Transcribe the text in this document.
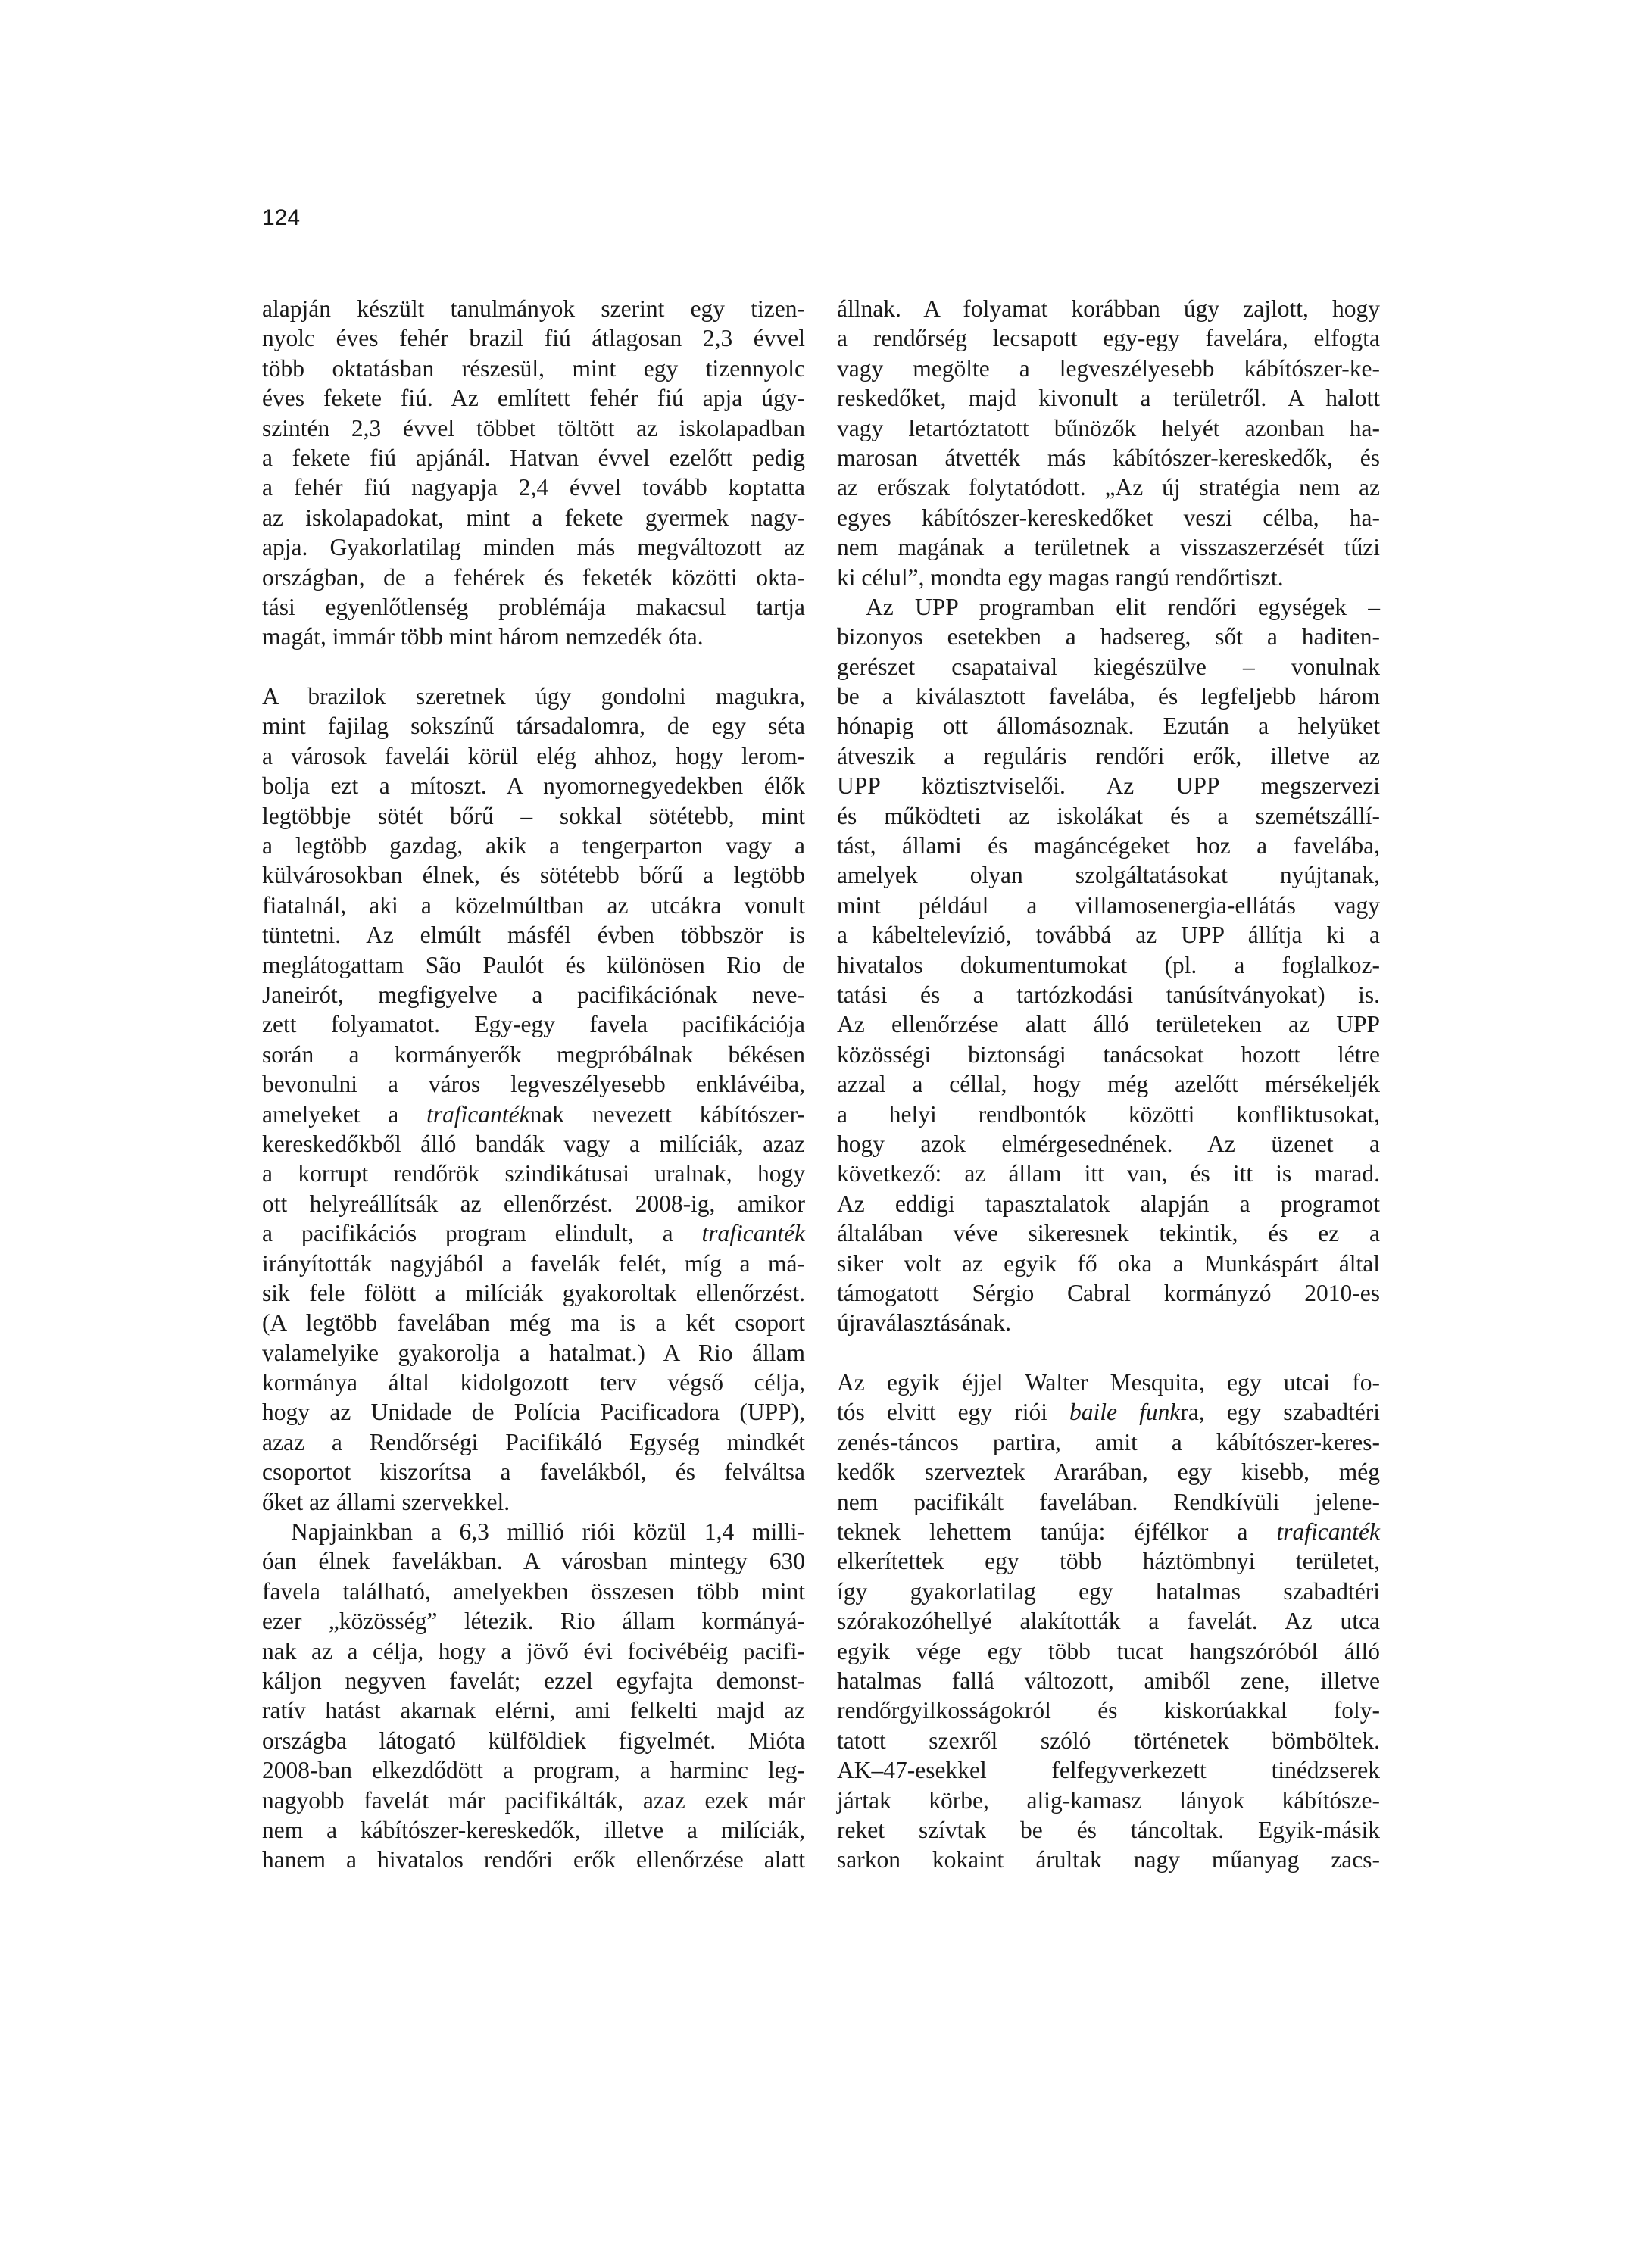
124
alapján készült tanulmányok szerint egy tizen-
nyolc éves fehér brazil fiú átlagosan 2,3 évvel
több oktatásban részesül, mint egy tizennyolc
éves fekete fiú. Az említett fehér fiú apja úgy-
szintén 2,3 évvel többet töltött az iskolapadban
a fekete fiú apjánál. Hatvan évvel ezelőtt pedig
a fehér fiú nagyapja 2,4 évvel tovább koptatta
az iskolapadokat, mint a fekete gyermek nagy-
apja. Gyakorlatilag minden más megváltozott az
országban, de a fehérek és feketék közötti okta-
tási egyenlőtlenség problémája makacsul tartja
magát, immár több mint három nemzedék óta.
A brazilok szeretnek úgy gondolni magukra,
mint fajilag sokszínű társadalomra, de egy séta
a városok favelái körül elég ahhoz, hogy lerom-
bolja ezt a mítoszt. A nyomornegyedekben élők
legtöbbje sötét bőrű – sokkal sötétebb, mint
a legtöbb gazdag, akik a tengerparton vagy a
külvárosokban élnek, és sötétebb bőrű a legtöbb
fiatalnál, aki a közelmúltban az utcákra vonult
tüntetni. Az elmúlt másfél évben többször is
meglátogattam São Paulót és különösen Rio de
Janeirót, megfigyelve a pacifikációnak neve-
zett folyamatot. Egy-egy favela pacifikációja
során a kormányerők megpróbálnak békésen
bevonulni a város legveszélyesebb enklávéiba,
amelyeket a traficantéknak nevezett kábítószer-
kereskedőkből álló bandák vagy a milíciák, azaz
a korrupt rendőrök szindikátusai uralnak, hogy
ott helyreállítsák az ellenőrzést. 2008-ig, amikor
a pacifikációs program elindult, a traficanték
irányították nagyjából a favelák felét, míg a má-
sik fele fölött a milíciák gyakoroltak ellenőrzést.
(A legtöbb favelában még ma is a két csoport
valamelyike gyakorolja a hatalmat.) A Rio állam
kormánya által kidolgozott terv végső célja,
hogy az Unidade de Polícia Pacificadora (UPP),
azaz a Rendőrségi Pacifikáló Egység mindkét
csoportot kiszorítsa a favelákból, és felváltsa
őket az állami szervekkel.
Napjainkban a 6,3 millió riói közül 1,4 milli-
óan élnek favelákban. A városban mintegy 630
favela található, amelyekben összesen több mint
ezer „közösség” létezik. Rio állam kormányá-
nak az a célja, hogy a jövő évi focivébéig pacifi-
káljon negyven favelát; ezzel egyfajta demonst-
ratív hatást akarnak elérni, ami felkelti majd az
országba látogató külföldiek figyelmét. Mióta
2008-ban elkezdődött a program, a harminc leg-
nagyobb favelát már pacifikálták, azaz ezek már
nem a kábítószer-kereskedők, illetve a milíciák,
hanem a hivatalos rendőri erők ellenőrzése alatt
állnak. A folyamat korábban úgy zajlott, hogy
a rendőrség lecsapott egy-egy favelára, elfogta
vagy megölte a legveszélyesebb kábítószer-ke-
reskedőket, majd kivonult a területről. A halott
vagy letartóztatott bűnözők helyét azonban ha-
marosan átvették más kábítószer-kereskedők, és
az erőszak folytatódott. „Az új stratégia nem az
egyes kábítószer-kereskedőket veszi célba, ha-
nem magának a területnek a visszaszerzését tűzi
ki célul”, mondta egy magas rangú rendőrtiszt.
Az UPP programban elit rendőri egységek –
bizonyos esetekben a hadsereg, sőt a haditen-
gerészet csapataival kiegészülve – vonulnak
be a kiválasztott favelába, és legfeljebb három
hónapig ott állomásoznak. Ezután a helyüket
átveszik a reguláris rendőri erők, illetve az
UPP köztisztviselői. Az UPP megszervezi
és működteti az iskolákat és a szemétszállí-
tást, állami és magáncégeket hoz a favelába,
amelyek olyan szolgáltatásokat nyújtanak,
mint például a villamosenergia-ellátás vagy
a kábeltelevízió, továbbá az UPP állítja ki a
hivatalos dokumentumokat (pl. a foglalkoz-
tatási és a tartózkodási tanúsítványokat) is.
Az ellenőrzése alatt álló területeken az UPP
közösségi biztonsági tanácsokat hozott létre
azzal a céllal, hogy még azelőtt mérsékeljék
a helyi rendbontók közötti konfliktusokat,
hogy azok elmérgesednének. Az üzenet a
következő: az állam itt van, és itt is marad.
Az eddigi tapasztalatok alapján a programot
általában véve sikeresnek tekintik, és ez a
siker volt az egyik fő oka a Munkáspárt által
támogatott Sérgio Cabral kormányzó 2010-es
újraválasztásának.
Az egyik éjjel Walter Mesquita, egy utcai fo-
tós elvitt egy riói baile funkra, egy szabadtéri
zenés-táncos partira, amit a kábítószer-keres-
kedők szerveztek Ararában, egy kisebb, még
nem pacifikált favelában. Rendkívüli jelene-
teknek lehettem tanúja: éjfélkor a traficanték
elkerítettek egy több háztömbnyi területet,
így gyakorlatilag egy hatalmas szabadtéri
szórakozóhellyé alakították a favelát. Az utca
egyik vége egy több tucat hangszóróból álló
hatalmas fallá változott, amiből zene, illetve
rendőrgyilkosságokról és kiskorúakkal foly-
tatott szexről szóló történetek bömböltek.
AK–47-esekkel felfegyverkezett tinédzserek
jártak körbe, alig-kamasz lányok kábítósze-
reket szívtak be és táncoltak. Egyik-másik
sarkon kokaint árultak nagy műanyag zacs-
